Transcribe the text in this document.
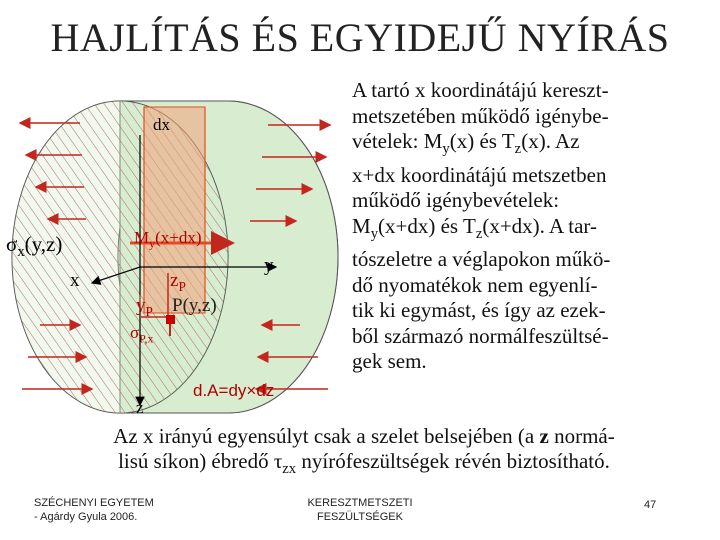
HAJLÍTÁS ÉS EGYIDEJŰ NYÍRÁS
dx
$\sigma_x(y,z)$
x
y
z
$M_y(x+dx)$
$z_P$
$y_P$ P(y,z)
$\sigma_{P,x}$
d.A=dy×dz

A tartó x koordinátájú kereszt-

metszetében működő igénybe-

vételek: $M_y(x)$ és $T_z(x)$. Az

x+dx koordinátájú metszetben

működő igénybevételek:

$M_y(x+dx)$ és $T_z(x+dx)$. A tar-

tószeletre a véglapokon műkö-

dő nyomatékok nem egyenlí-

tik ki egymást, és így az ezek-

ből származó normálfeszültsé-

gek sem.

Az x irányú egyensúlyt csak a szelet belsejében (a z normá-
lisú síkon) ébredő $\tau_{zx}$ nyírófeszültségek révén biztosítható.
SZÉCHENYI EGYETEM
- Agárdy Gyula 2006.
KERESZTMETSZETI
FESZÜLTSÉGEK
47
